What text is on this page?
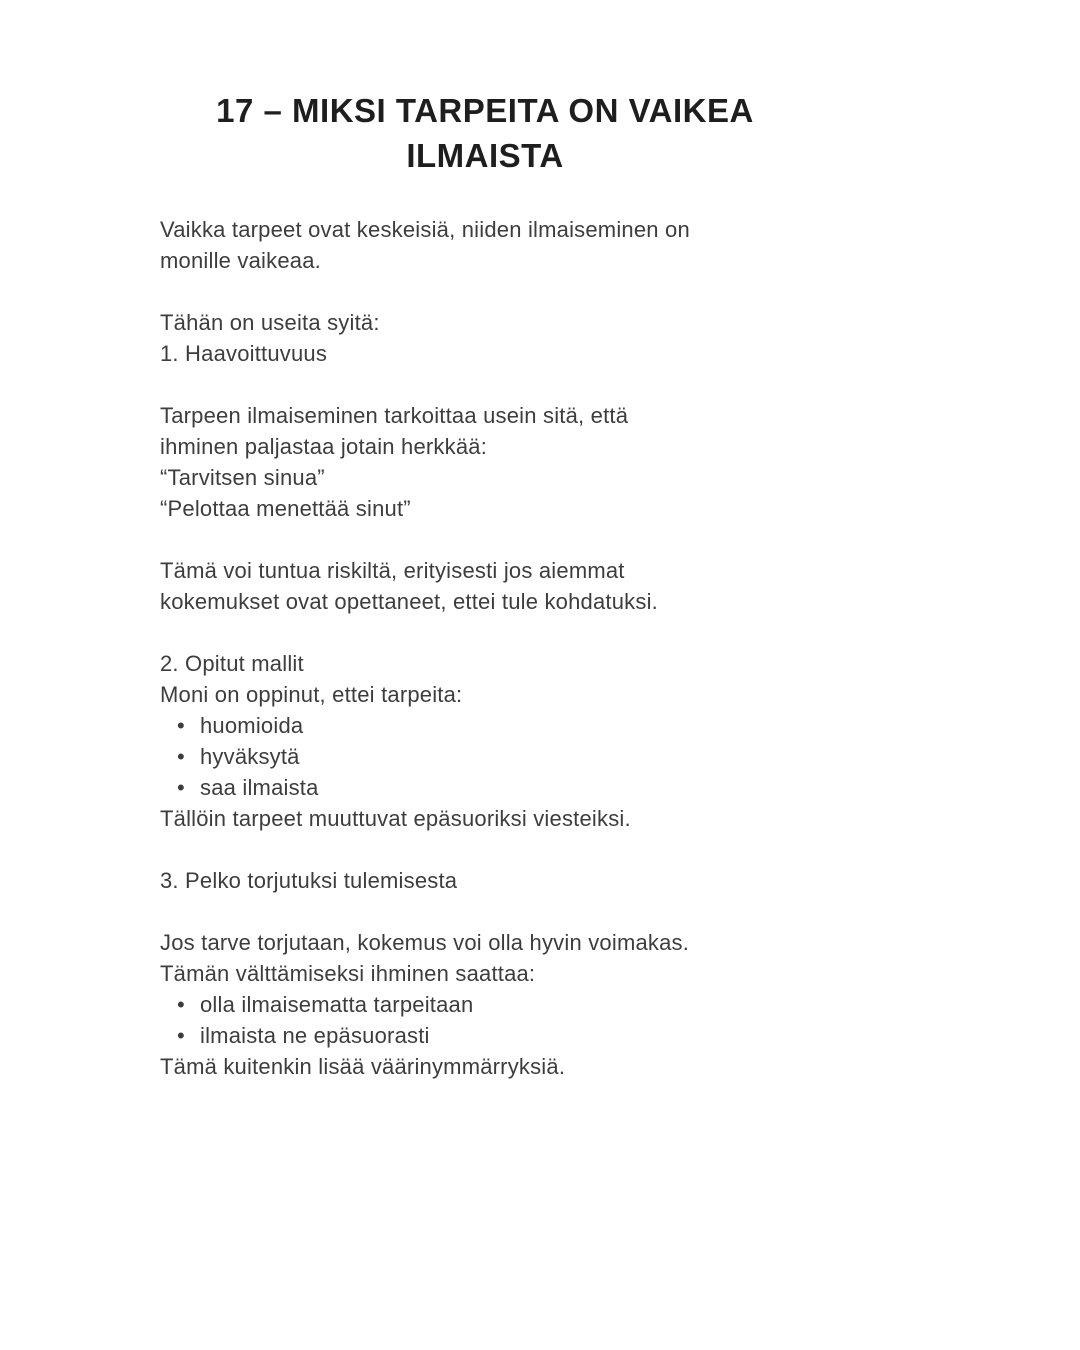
17 – MIKSI TARPEITA ON VAIKEA
ILMAISTA
Vaikka tarpeet ovat keskeisiä, niiden ilmaiseminen on
monille vaikeaa.
Tähän on useita syitä:
1. Haavoittuvuus
Tarpeen ilmaiseminen tarkoittaa usein sitä, että
ihminen paljastaa jotain herkkää:
“Tarvitsen sinua”
“Pelottaa menettää sinut”
Tämä voi tuntua riskiltä, erityisesti jos aiemmat
kokemukset ovat opettaneet, ettei tule kohdatuksi.
2. Opitut mallit
Moni on oppinut, ettei tarpeita:
• huomioida
• hyväksytä
• saa ilmaista
Tällöin tarpeet muuttuvat epäsuoriksi viesteiksi.
3. Pelko torjutuksi tulemisesta
Jos tarve torjutaan, kokemus voi olla hyvin voimakas.
Tämän välttämiseksi ihminen saattaa:
• olla ilmaisematta tarpeitaan
• ilmaista ne epäsuorasti
Tämä kuitenkin lisää väärinymmärryksiä.
